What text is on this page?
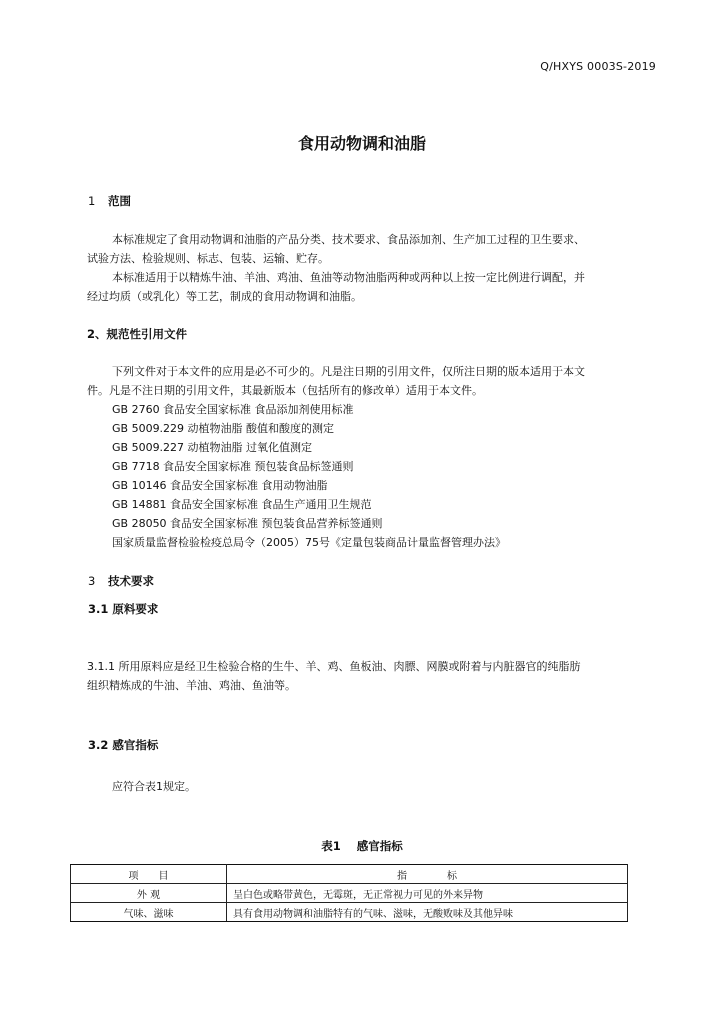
Q/HXYS 0003S-2019
食用动物调和油脂
1 范围
本标准规定了食用动物调和油脂的产品分类、技术要求、食品添加剂、生产加工过程的卫生要求、
试验方法、检验规则、标志、包装、运输、贮存。
本标准适用于以精炼牛油、羊油、鸡油、鱼油等动物油脂两种或两种以上按一定比例进行调配，并
经过均质（或乳化）等工艺，制成的食用动物调和油脂。
2、规范性引用文件
下列文件对于本文件的应用是必不可少的。凡是注日期的引用文件，仅所注日期的版本适用于本文
件。凡是不注日期的引用文件，其最新版本（包括所有的修改单）适用于本文件。
GB 2760 食品安全国家标准 食品添加剂使用标准
GB 5009.229 动植物油脂 酸值和酸度的测定
GB 5009.227 动植物油脂 过氧化值测定
GB 7718 食品安全国家标准 预包装食品标签通则
GB 10146 食品安全国家标准 食用动物油脂
GB 14881 食品安全国家标准 食品生产通用卫生规范
GB 28050 食品安全国家标准 预包装食品营养标签通则
国家质量监督检验检疫总局令（2005）75号《定量包装商品计量监督管理办法》
3 技术要求
3.1 原料要求
3.1.1 所用原料应是经卫生检验合格的生牛、羊、鸡、鱼板油、肉膘、网膜或附着与内脏器官的纯脂肪
组织精炼成的牛油、羊油、鸡油、鱼油等。
3.2 感官指标
应符合表1规定。
表1 感官指标
项　　目	指　　　　标
外 观	呈白色或略带黄色，无霉斑，无正常视力可见的外来异物
气味、滋味	具有食用动物调和油脂特有的气味、滋味，无酸败味及其他异味
